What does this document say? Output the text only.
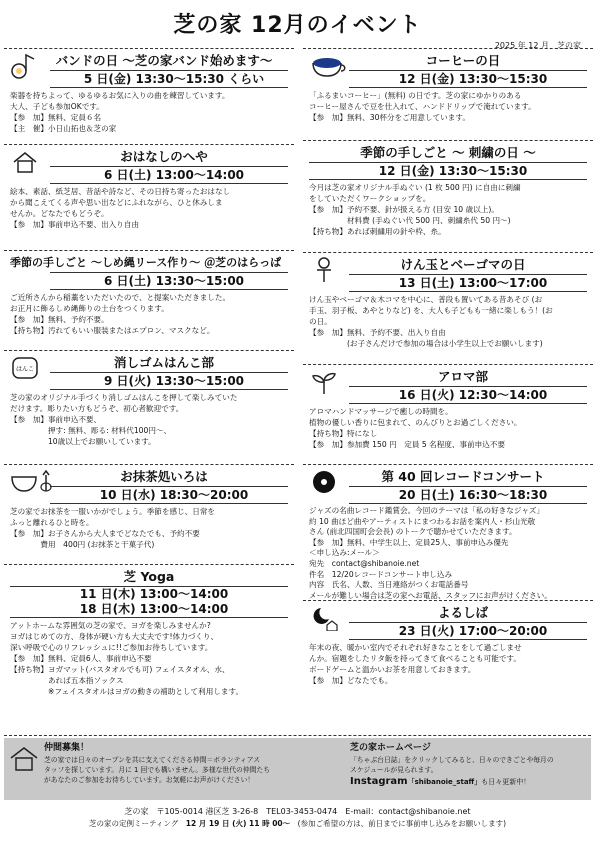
芝の家 12月のイベント
2025 年 12 月　芝の家
バンドの日 ～芝の家バンド始めます～
5 日(金) 13:30～15:30 くらい

楽器を持ちよって、ゆるゆるお気に入りの曲を練習しています。

大人、子ども参加OKです。

【参　加】無料、定員６名

【主　催】小日山拓也＆芝の家

おはなしのへや
6 日(土) 13:00～14:00

絵本、素話、紙芝居、昔話や詩など、その日持ち寄ったおはなし

から聞こえてくる声や思い出などにふれながら、ひと休みしま

せんか。どなたでもどうぞ。

【参　加】事前申込不要、出入り自由

季節の手しごと ～しめ縄リース作り～ ＠芝のはらっぱ
6 日(土) 13:30～15:00

ご近所さんから稲藁をいただいたので、と提案いただきました。

お正月に飾るしめ縄飾りの土台をつくります。

【参　加】無料、予約不要。

【持ち物】汚れてもいい服装またはエプロン、マスクなど。

はんこ	消しゴムはんこ部
9 日(火) 13:30～15:00

芝の家のオリジナル手づくり消しゴムはんこを押して楽しみていた

だけます。彫りたい方もどうぞ、初心者歓迎です。

【参　加】事前申込不要、

　　　　　押す: 無料、彫る: 材料代100円～、

　　　　　10歳以上でお願いしています。

お抹茶処いろは
10 日(水) 18:30～20:00

芝の家でお抹茶を一服いかがでしょう。季節を感じ、日常を

ふっと離れるひと時を。

【参　加】お子さんから大人までどなたでも、予約不要

　　　　費用　400円 (お抹茶と干菓子代)

芝 Yoga
11 日(木) 13:00～14:00
18 日(木) 13:00～14:00

アットホームな雰囲気の芝の家で、ヨガを楽しみませんか?

ヨガはじめての方、身体が硬い方も大丈夫です!体力づくり、

深い呼吸で心のリフレッシュに!!ご参加お待ちしています。

【参　加】無料、定員6人、事前申込不要

【持ち物】ヨガマット(バスタオルでも可) フェイスタオル、水、

　　　　　あれば五本指ソックス

　　　　　※フェイスタオルはヨガの動きの補助として利用します。

コーヒーの日
12 日(金) 13:30～15:30

「ふるまいコーヒー」(無料) の日です。芝の家にゆかりのある

コーヒー屋さんで豆を仕入れて、ハンドドリップで淹れています。

【参　加】無料、30杯分をご用意しています。

季節の手しごと ～ 刺繍の日 ～
12 日(金) 13:30～15:30

今月は芝の家オリジナル手ぬぐい (1 枚 500 円) に自由に刺繍

をしていただくワークショップを。

【参　加】予約不要、針が扱える方 (目安 10 歳以上)。

　　　　　材料費 (手ぬぐい代 500 円、刺繍糸代 50 円～)

【持ち物】あれば刺繍用の針や枠、糸。

けん玉とベーゴマの日
13 日(土) 13:00～17:00

けん玉やベーゴマ＆木コマを中心に、普段も置いてある昔あそび (お

手玉、羽子板、あやとりなど) を、大人も子どもも一緒に楽しもう！(お

の日。

【参　加】無料、予約不要、出入り自由

　　　　　(お子さんだけで参加の場合は小学生以上でお願いします)

アロマ部
16 日(火) 12:30～14:00

アロマハンドマッサージで癒しの時間を。

植物の優しい香りに包まれて、のんびりとお過ごしください。

【持ち物】特になし

【参　加】参加費 150 円　定員 5 名程度、事前申込不要

第 40 回レコードコンサート
20 日(土) 16:30～18:30

ジャズの名曲レコード鑑賞会。今回のテーマは「私の好きなジャズ」

約 10 曲ほど曲やアーティストにまつわるお話を案内人・杉山光敬

さん (前北四国町会会長) のトークで聴かせていただきます。

【参　加】無料、中学生以上、定員25人、事前申込み優先

＜申し込み:メール＞

宛先　contact@shibanoie.net

件名　12/20レコードコンサート申し込み

内容　氏名、人数、当日連絡がつくお電話番号

メールが難しい場合は芝の家へお電話、スタッフにお声がけください。

よるしば
23 日(火) 17:00～20:00

年末の夜、暖かい室内でそれぞれ好きなことをして過ごしませ

んか。宿題をしたリタ飯を持ってきて食べることも可能です。

ボードゲームと温かいお茶を用意しておきます。

【参　加】どなたでも。

仲間募集！

芝の家では日々のオープンを共に支えてくださる仲間＝ボランティアス

タッフを探しています。月に 1 回でも構いません。多様な世代の仲間たち

があなたのご参加をお待ちしています。お気軽にお声がけください！

芝の家ホームページ

「ちゃぶ台日誌」をクリックしてみると、日々のできごとや毎月の

スケジュールが見られます。

Instagram「shibanoie_staff」も日々更新中！
芝の家　〒105-0014 港区芝 3-26-8　TEL03-3453-0474　E-mail：contact@shibanoie.net
芝の家の定例ミーティング　12 月 19 日 (火) 11 時 00～　(参加ご希望の方は、前日までに事前申し込みをお願いします)
